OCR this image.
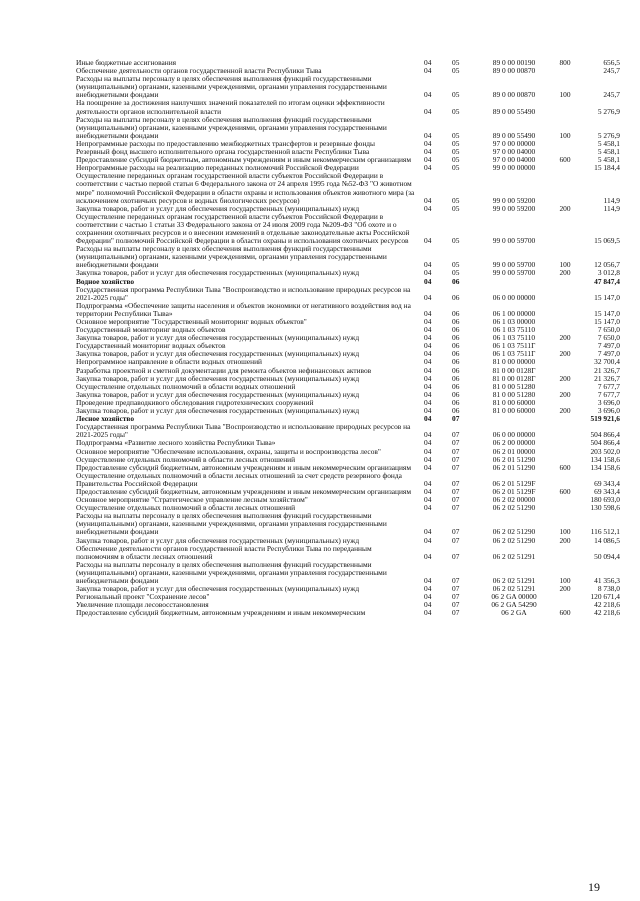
Иные бюджетные ассигнования	04	05	89 0 00 00190	800	656,5
Обеспечение деятельности органов государственной власти Республики Тыва	04	05	89 0 00 00870	245,7
Расходы на выплаты персоналу в целях обеспечения выполнения функций государственными (муниципальными) органами, казенными учреждениями, органами управления государственными внебюджетными фондами	04	05	89 0 00 00870	100	245,7
На поощрение за достижения наилучших значений показателей по итогам оценки эффективности деятельности органов исполнительной власти	04	05	89 0 00 55490	5 276,9
Расходы на выплаты персоналу в целях обеспечения выполнения функций государственными (муниципальными) органами, казенными учреждениями, органами управления государственными внебюджетными фондами	04	05	89 0 00 55490	100	5 276,9
Непрограммные расходы по предоставлению межбюджетных трансфертов и резервные фонды	04	05	97 0 00 00000	5 458,1
Резервный фонд высшего исполнительного органа государственной власти Республики Тыва	04	05	97 0 00 04000	5 458,1
Предоставление субсидий бюджетным, автономным учреждениям и иным некоммерческим организациям	04	05	97 0 00 04000	600	5 458,1
Непрограммные расходы на реализацию переданных полномочий Российской Федерации	04	05	99 0 00 00000	15 184,4
Осуществление переданных органам государственной власти субъектов Российской Федерации в соответствии с частью первой статьи 6 Федерального закона от 24 апреля 1995 года №52-ФЗ "О животном мире" полномочий Российской Федерации в области охраны и использования объектов животного мира (за исключением охотничьих ресурсов и водных биологических ресурсов)	04	05	99 0 00 59200	114,9
Закупка товаров, работ и услуг для обеспечения государственных (муниципальных) нужд	04	05	99 0 00 59200	200	114,9
Осуществление переданных органам государственной власти субъектов Российской Федерации в соответствии с частью 1 статьи 33 Федерального закона от 24 июля 2009 года №209-ФЗ "Об охоте и о сохранении охотничьих ресурсов и о внесении изменений в отдельные законодательные акты Российской Федерации" полномочий Российской Федерации в области охраны и использования охотничьих ресурсов	04	05	99 0 00 59700	15 069,5
Расходы на выплаты персоналу в целях обеспечения выполнения функций государственными (муниципальными) органами, казенными учреждениями, органами управления государственными внебюджетными фондами	04	05	99 0 00 59700	100	12 056,7
Закупка товаров, работ и услуг для обеспечения государственных (муниципальных) нужд	04	05	99 0 00 59700	200	3 012,8
Водное хозяйство	04	06	47 847,4
Государственная программа Республики Тыва "Воспроизводство и использование природных ресурсов на 2021-2025 годы"	04	06	06 0 00 00000	15 147,0
Подпрограмма «Обеспечение защиты населения и объектов экономики от негативного воздействия вод на территории Республики Тыва»	04	06	06 1 00 00000	15 147,0
Основное мероприятие "Государственный мониторинг водных объектов"	04	06	06 1 03 00000	15 147,0
Государственный мониторинг водных объектов	04	06	06 1 03 75110	7 650,0
Закупка товаров, работ и услуг для обеспечения государственных (муниципальных) нужд	04	06	06 1 03 75110	200	7 650,0
Государственный мониторинг водных объектов	04	06	06 1 03 7511Г	7 497,0
Закупка товаров, работ и услуг для обеспечения государственных (муниципальных) нужд	04	06	06 1 03 7511Г	200	7 497,0
Непрограммное направление в области водных отношений	04	06	81 0 00 00000	32 700,4
Разработка проектной и сметной документации для ремонта объектов нефинансовых активов	04	06	81 0 00 0128Г	21 326,7
Закупка товаров, работ и услуг для обеспечения государственных (муниципальных) нужд	04	06	81 0 00 0128Г	200	21 326,7
Осуществление отдельных полномочий в области водных отношений	04	06	81 0 00 51280	7 677,7
Закупка товаров, работ и услуг для обеспечения государственных (муниципальных) нужд	04	06	81 0 00 51280	200	7 677,7
Проведение предпаводкивого обследования гидротехнических сооружений	04	06	81 0 00 60000	3 696,0
Закупка товаров, работ и услуг для обеспечения государственных (муниципальных) нужд	04	06	81 0 00 60000	200	3 696,0
Лесное хозяйство	04	07	519 921,6
Государственная программа Республики Тыва "Воспроизводство и использование природных ресурсов на 2021-2025 годы"	04	07	06 0 00 00000	504 866,4
Подпрограмма «Развитие лесного хозяйства Республики Тыва»	04	07	06 2 00 00000	504 866,4
Основное мероприятие "Обеспечение использования, охраны, защиты и воспроизводства лесов"	04	07	06 2 01 00000	203 502,0
Осуществление отдельных полномочий в области лесных отношений	04	07	06 2 01 51290	134 158,6
Предоставление субсидий бюджетным, автономным учреждениям и иным некоммерческим организациям	04	07	06 2 01 51290	600	134 158,6
Осуществление отдельных полномочий в области лесных отношений за счет средств резервного фонда Правительства Российской Федерации	04	07	06 2 01 5129F	69 343,4
Предоставление субсидий бюджетным, автономным учреждениям и иным некоммерческим организациям	04	07	06 2 01 5129F	600	69 343,4
Основное мероприятие "Стратегическое управление лесным хозяйством"	04	07	06 2 02 00000	180 693,0
Осуществление отдельных полномочий в области лесных отношений	04	07	06 2 02 51290	130 598,6
Расходы на выплаты персоналу в целях обеспечения выполнения функций государственными (муниципальными) органами, казенными учреждениями, органами управления государственными внебюджетными фондами	04	07	06 2 02 51290	100	116 512,1
Закупка товаров, работ и услуг для обеспечения государственных (муниципальных) нужд	04	07	06 2 02 51290	200	14 086,5
Обеспечение деятельности органов государственной власти Республики Тыва по переданным полномочиям в области лесных отношений	04	07	06 2 02 51291	50 094,4
Расходы на выплаты персоналу в целях обеспечения выполнения функций государственными (муниципальными) органами, казенными учреждениями, органами управления государственными внебюджетными фондами	04	07	06 2 02 51291	100	41 356,3
Закупка товаров, работ и услуг для обеспечения государственных (муниципальных) нужд	04	07	06 2 02 51291	200	8 738,0
Региональный проект "Сохранение лесов"	04	07	06 2 GA 00000	120 671,4
Увеличение площади лесовосстановления	04	07	06 2 GA 54290	42 218,6
Предоставление субсидий бюджетным, автономным учреждениям и иным некоммерческим	04	07	06 2 GA	600	42 218,6
19
